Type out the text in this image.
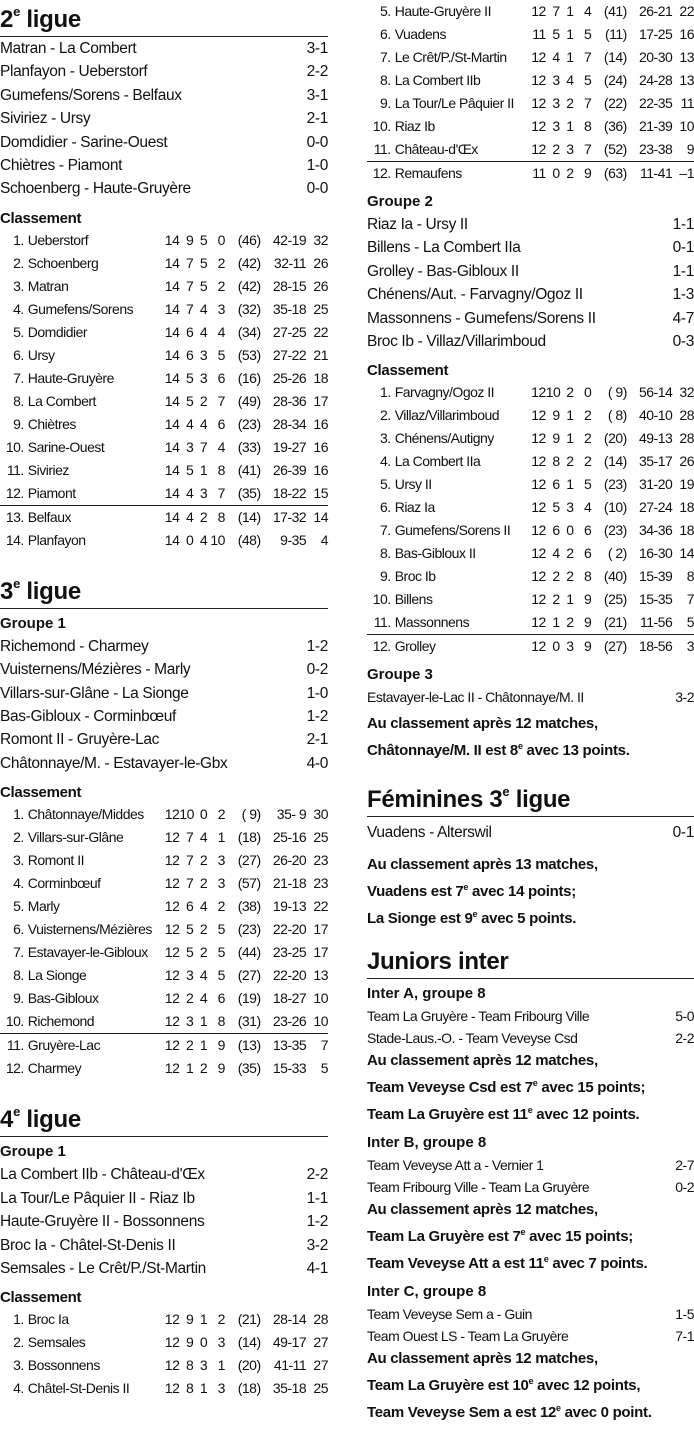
2e ligue
Matran - La Combert	3-1
Planfayon - Ueberstorf	2-2
Gumefens/Sorens - Belfaux	3-1
Siviriez - Ursy	2-1
Domdidier - Sarine-Ouest	0-0
Chiètres - Piamont	1-0
Schoenberg - Haute-Gruyère	0-0
Classement
1. Ueberstorf	14 9 5 0 (46) 42-19 32
2. Schoenberg	14 7 5 2 (42) 32-11 26
3. Matran	14 7 5 2 (42) 28-15 26
4. Gumefens/Sorens	14 7 4 3 (32) 35-18 25
5. Domdidier	14 6 4 4 (34) 27-25 22
6. Ursy	14 6 3 5 (53) 27-22 21
7. Haute-Gruyère	14 5 3 6 (16) 25-26 18
8. La Combert	14 5 2 7 (49) 28-36 17
9. Chiètres	14 4 4 6 (23) 28-34 16
10. Sarine-Ouest	14 3 7 4 (33) 19-27 16
11. Siviriez	14 5 1 8 (41) 26-39 16
12. Piamont	14 4 3 7 (35) 18-22 15
13. Belfaux	14 4 2 8 (14) 17-32 14
14. Planfayon	14 0 4 10 (48)	9-35	4
3e ligue
Groupe 1
Richemond - Charmey	1-2
Vuisternens/Mézières - Marly	0-2
Villars-sur-Glâne - La Sionge	1-0
Bas-Gibloux - Corminbœuf	1-2
Romont II - Gruyère-Lac	2-1
Châtonnaye/M. - Estavayer-le-Gbx	4-0
Classement
1. Châtonnaye/Middes	12 10 0 2	( 9)	35- 9 30
2. Villars-sur-Glâne	12 7 4 1 (18) 25-16 25
3. Romont II	12 7 2 3 (27) 26-20 23
4. Corminbœuf	12 7 2 3 (57) 21-18 23
5. Marly	12 6 4 2 (38) 19-13 22
6. Vuisternens/Mézières 12 5 2 5 (23) 22-20 17
7. Estavayer-le-Gibloux	12 5 2 5 (44) 23-25 17
8. La Sionge	12 3 4 5 (27) 22-20 13
9. Bas-Gibloux	12 2 4 6 (19) 18-27 10
10. Richemond	12 3 1 8 (31) 23-26 10
11. Gruyère-Lac	12 2 1 9 (13) 13-35	7
12. Charmey	12 1 2 9 (35) 15-33	5
4e ligue
Groupe 1
La Combert IIb - Château-d'Œx	2-2
La Tour/Le Pâquier II - Riaz Ib	1-1
Haute-Gruyère II - Bossonnens	1-2
Broc Ia - Châtel-St-Denis II	3-2
Semsales - Le Crêt/P./St-Martin	4-1
Classement
1. Broc Ia	12 9 1 2 (21) 28-14 28
2. Semsales	12 9 0 3 (14) 49-17 27
3. Bossonnens	12 8 3 1 (20) 41-11 27
4. Châtel-St-Denis II	12 8 1 3 (18) 35-18 25
5. Haute-Gruyère II	12 7 1 4 (41) 26-21 22
6. Vuadens	11 5 1 5 (11) 17-25 16
7. Le Crêt/P./St-Martin	12 4 1 7 (14) 20-30 13
8. La Combert IIb	12 3 4 5 (24) 24-28 13
9. La Tour/Le Pâquier II	12 3 2 7 (22) 22-35 11
10. Riaz Ib	12 3 1 8 (36) 21-39 10
11. Château-d'Œx	12 2 3 7 (52) 23-38	9
12. Remaufens	11 0 2 9 (63) 11-41 –1
Groupe 2
Riaz Ia - Ursy II	1-1
Billens - La Combert IIa	0-1
Grolley - Bas-Gibloux II	1-1
Chénens/Aut. - Farvagny/Ogoz II	1-3
Massonnens - Gumefens/Sorens II	4-7
Broc Ib - Villaz/Villarimboud	0-3
Classement
1. Farvagny/Ogoz II	12 10 2 0	( 9) 56-14 32
2. Villaz/Villarimboud	12 9 1 2	( 8) 40-10 28
3. Chénens/Autigny	12 9 1 2 (20) 49-13 28
4. La Combert IIa	12 8 2 2 (14) 35-17 26
5. Ursy II	12 6 1 5 (23) 31-20 19
6. Riaz Ia	12 5 3 4 (10) 27-24 18
7. Gumefens/Sorens II	12 6 0 6 (23) 34-36 18
8. Bas-Gibloux II	12 4 2 6	( 2) 16-30 14
9. Broc Ib	12 2 2 8 (40) 15-39	8
10. Billens	12 2 1 9 (25) 15-35	7
11. Massonnens	12 1 2 9 (21) 11-56	5
12. Grolley	12 0 3 9 (27) 18-56	3
Groupe 3
Estavayer-le-Lac II - Châtonnaye/M. II	3-2
Au classement après 12 matches,
Châtonnaye/M. II est 8e avec 13 points.
Féminines 3e ligue
Vuadens - Alterswil	0-1
Au classement après 13 matches,
Vuadens est 7e avec 14 points;
La Sionge est 9e avec 5 points.
Juniors inter
Inter A, groupe 8
Team La Gruyère - Team Fribourg Ville	5-0
Stade-Laus.-O. - Team Veveyse Csd	2-2
Au classement après 12 matches,
Team Veveyse Csd est 7e avec 15 points;
Team La Gruyère est 11e avec 12 points.
Inter B, groupe 8
Team Veveyse Att a - Vernier 1	2-7
Team Fribourg Ville - Team La Gruyère	0-2
Au classement après 12 matches,
Team La Gruyère est 7e avec 15 points;
Team Veveyse Att a est 11e avec 7 points.
Inter C, groupe 8
Team Veveyse Sem a - Guin	1-5
Team Ouest LS - Team La Gruyère	7-1
Au classement après 12 matches,
Team La Gruyère est 10e avec 12 points,
Team Veveyse Sem a est 12e avec 0 point.
